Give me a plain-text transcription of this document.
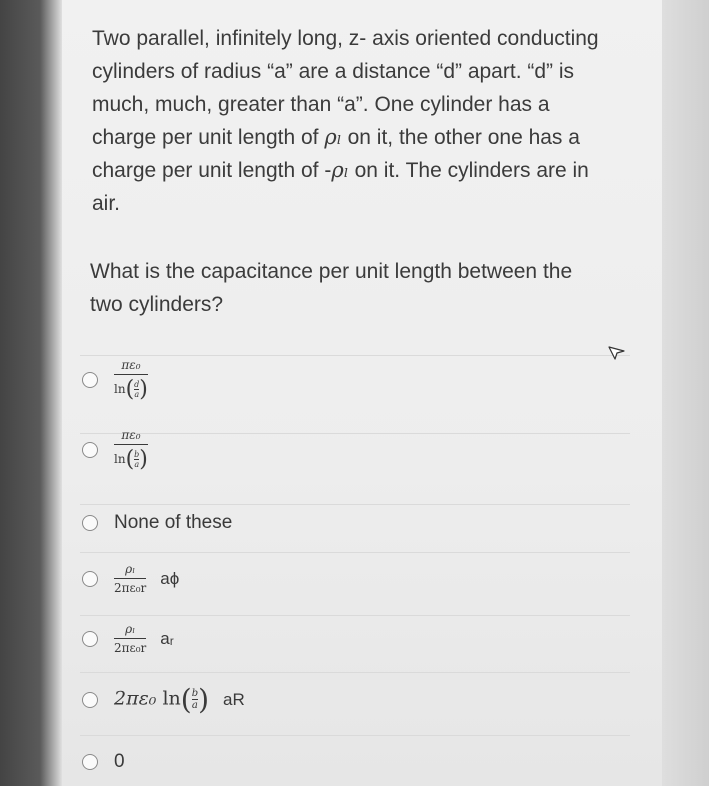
Two parallel, infinitely long, z- axis oriented conducting

cylinders of radius “a” are a distance “d” apart. “d” is

much, much, greater than “a”. One cylinder has a

charge per unit length of ρₗ on it, the other one has a

charge per unit length of -ρₗ on it. The cylinders are in

air.

What is the capacitance per unit length between the
two cylinders?
$\frac{\text{πε₀}}{\ln( \frac{d}{a} )}$
$\frac{\text{πε₀}}{\ln( \frac{b}{a} )}$
None of these
$\frac{\text{ρₗ}}{\text{2πε₀r}}$ aϕ
$\frac{\text{ρₗ}}{\text{2πε₀r}}$ aᵣ
2πε₀ $\ln( \frac{b}{a}$ ) aR
0
